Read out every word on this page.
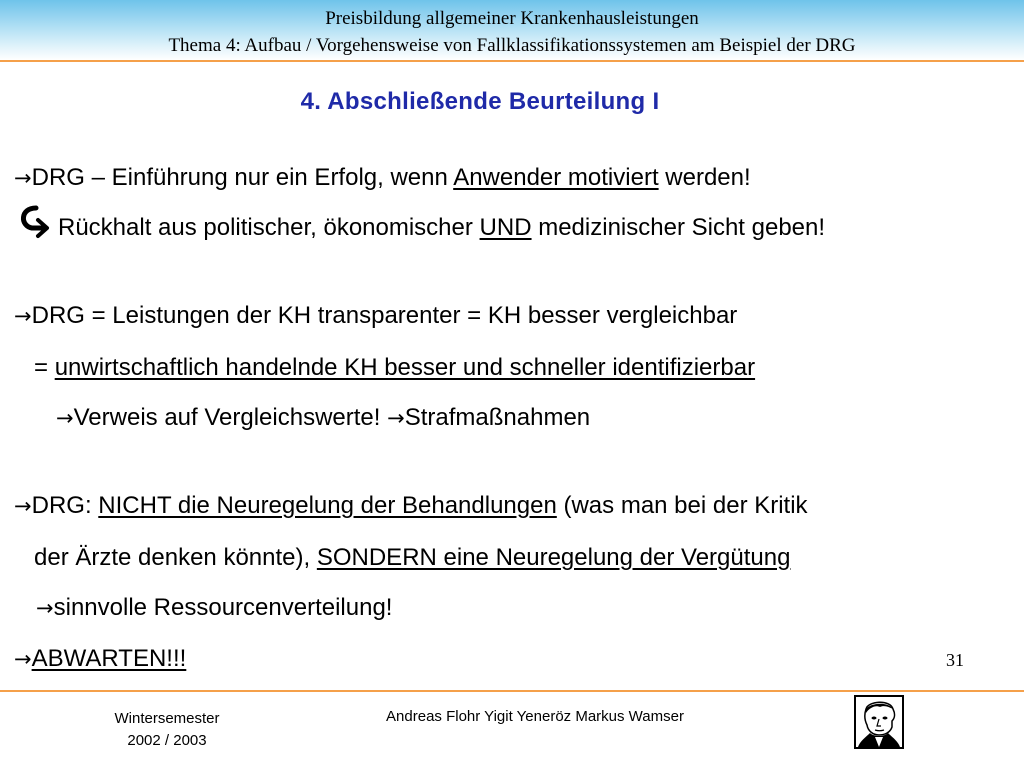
Preisbildung allgemeiner Krankenhausleistungen
Thema 4: Aufbau / Vorgehensweise von Fallklassifikationssystemen am Beispiel der DRG
4. Abschließende Beurteilung I
→DRG – Einführung nur ein Erfolg, wenn Anwender motiviert werden!
Rückhalt aus politischer, ökonomischer UND medizinischer Sicht geben!
→DRG = Leistungen der KH transparenter = KH besser vergleichbar
= unwirtschaftlich handelnde KH besser und schneller identifizierbar
→Verweis auf Vergleichswerte! →Strafmaßnahmen
→DRG: NICHT die Neuregelung der Behandlungen (was man bei der Kritik
der Ärzte denken könnte), SONDERN eine Neuregelung der Vergütung
→sinnvolle Ressourcenverteilung!
→ABWARTEN!!!	31
Wintersemester
2002 / 2003
Andreas Flohr Yigit Yeneröz Markus Wamser
